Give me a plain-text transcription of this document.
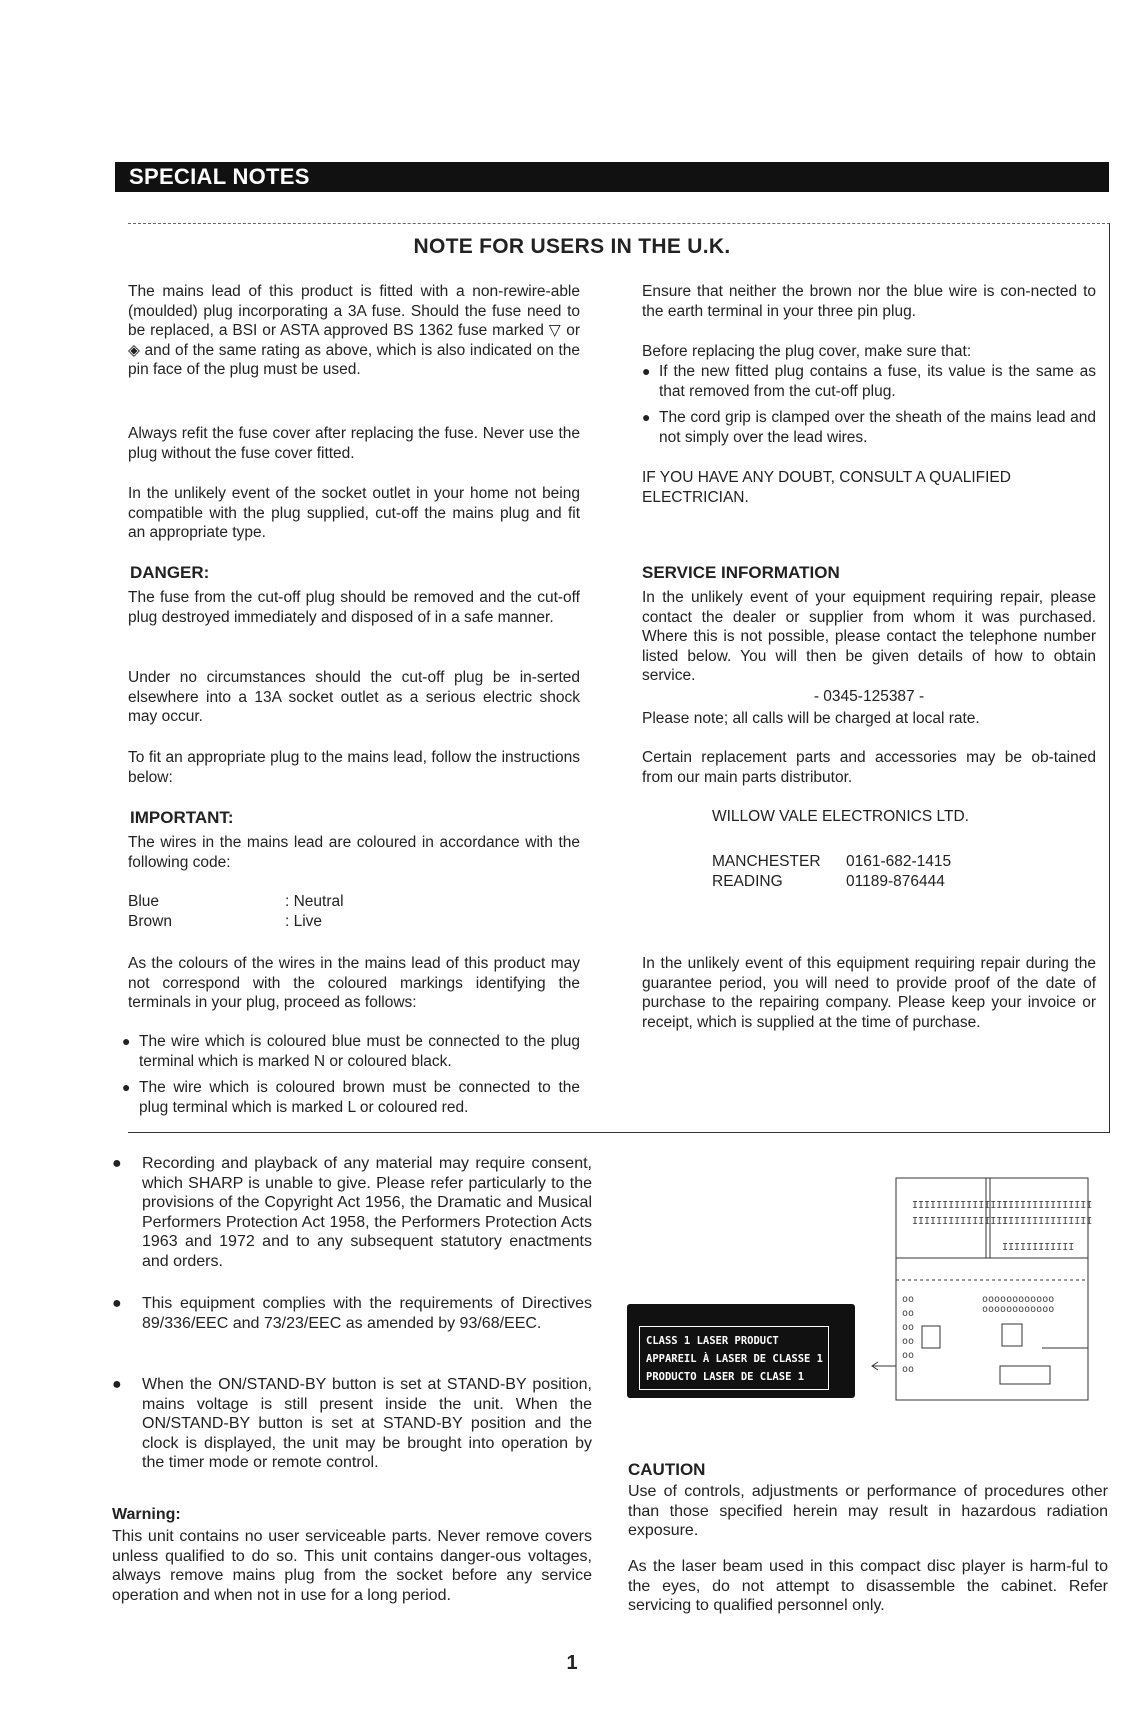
SPECIAL NOTES
NOTE FOR USERS IN THE U.K.

The mains lead of this product is fitted with a non-rewire-able (moulded) plug incorporating a 3A fuse. Should the fuse need to be replaced, a BSI or ASTA approved BS 1362 fuse marked ▽ or ◈ and of the same rating as above, which is also indicated on the pin face of the plug must be used.

Always refit the fuse cover after replacing the fuse. Never use the plug without the fuse cover fitted.

In the unlikely event of the socket outlet in your home not being compatible with the plug supplied, cut-off the mains plug and fit an appropriate type.

DANGER:

The fuse from the cut-off plug should be removed and the cut-off plug destroyed immediately and disposed of in a safe manner.

Under no circumstances should the cut-off plug be in-serted elsewhere into a 13A socket outlet as a serious electric shock may occur.

To fit an appropriate plug to the mains lead, follow the instructions below:

IMPORTANT:

The wires in the mains lead are coloured in accordance with the following code:

Blue	: Neutral
Brown	: Live

As the colours of the wires in the mains lead of this product may not correspond with the coloured markings identifying the terminals in your plug, proceed as follows:

● The wire which is coloured blue must be connected to the plug terminal which is marked N or coloured black.
● The wire which is coloured brown must be connected to the plug terminal which is marked L or coloured red.

Ensure that neither the brown nor the blue wire is con-nected to the earth terminal in your three pin plug.

Before replacing the plug cover, make sure that:

● If the new fitted plug contains a fuse, its value is the same as that removed from the cut-off plug.
● The cord grip is clamped over the sheath of the mains lead and not simply over the lead wires.

IF YOU HAVE ANY DOUBT, CONSULT A QUALIFIED ELECTRICIAN.

SERVICE INFORMATION

In the unlikely event of your equipment requiring repair, please contact the dealer or supplier from whom it was purchased. Where this is not possible, please contact the telephone number listed below. You will then be given details of how to obtain service.

- 0345-125387 -
Please note; all calls will be charged at local rate.

Certain replacement parts and accessories may be ob-tained from our main parts distributor.

WILLOW VALE ELECTRONICS LTD.
MANCHESTER 0161-682-1415
READING	01189-876444

In the unlikely event of this equipment requiring repair during the guarantee period, you will need to provide proof of the date of purchase to the repairing company. Please keep your invoice or receipt, which is supplied at the time of purchase.

● Recording and playback of any material may require consent, which SHARP is unable to give. Please refer particularly to the provisions of the Copyright Act 1956, the Dramatic and Musical Performers Protection Act 1958, the Performers Protection Acts 1963 and 1972 and to any subsequent statutory enactments and orders.
● This equipment complies with the requirements of Directives 89/336/EEC and 73/23/EEC as amended by 93/68/EEC.
● When the ON/STAND-BY button is set at STAND-BY position, mains voltage is still present inside the unit. When the ON/STAND-BY button is set at STAND-BY position and the clock is displayed, the unit may be brought into operation by the timer mode or remote control.
Warning:

This unit contains no user serviceable parts. Never remove covers unless qualified to do so. This unit contains danger-ous voltages, always remove mains plug from the socket before any service operation and when not in use for a long period.

CLASS 1 LASER PRODUCT
APPAREIL À LASER DE CLASSE 1
PRODUCTO LASER DE CLASE 1
IIIIIIIIIIIIIIII
IIIIIIIIIIIIIIII
IIIIIIIIIIIIIII
IIIIIIIIIIIIIII
IIIIIIIIIIII
oooooooooooo
oooooooooooo
oo
oo
oo
oo
oo
oo
CAUTION

Use of controls, adjustments or performance of procedures other than those specified herein may result in hazardous radiation exposure.

As the laser beam used in this compact disc player is harm-ful to the eyes, do not attempt to disassemble the cabinet. Refer servicing to qualified personnel only.

1
